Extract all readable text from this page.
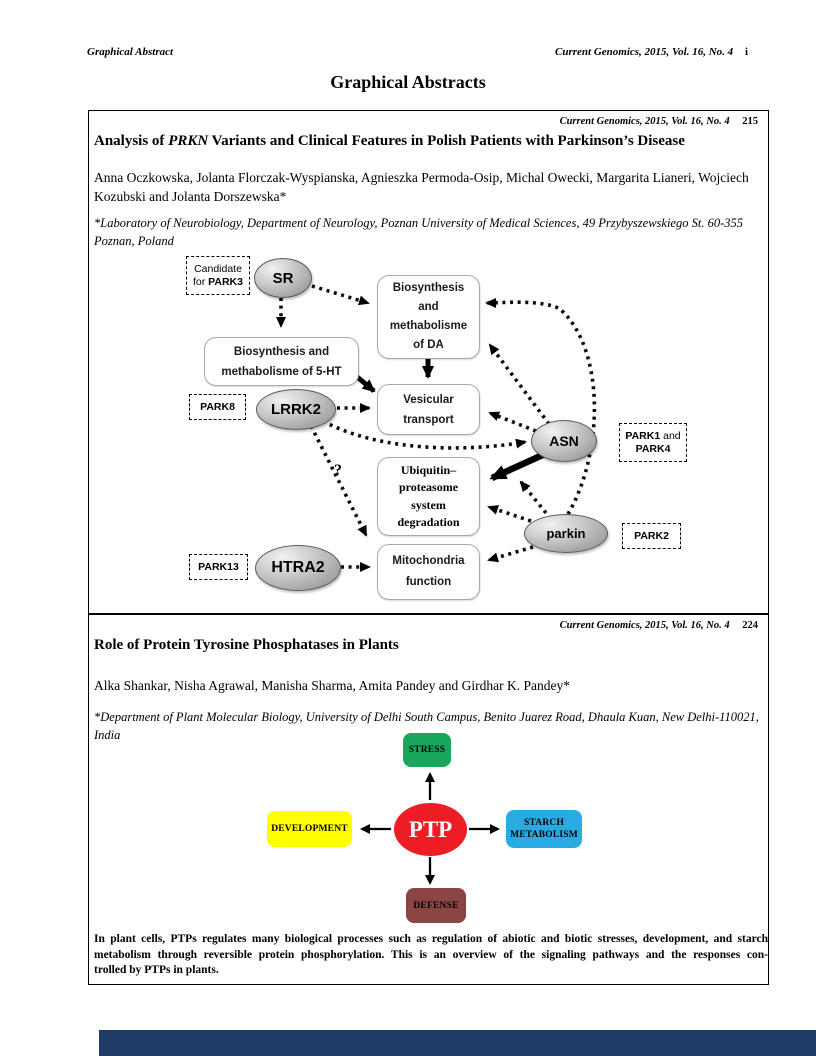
Graphical Abstract	Current Genomics, 2015, Vol. 16, No. 4 i
Graphical Abstracts
Current Genomics, 2015, Vol. 16, No. 4 215
Analysis of PRKN Variants and Clinical Features in Polish Patients with Parkinson’s Disease
Anna Oczkowska, Jolanta Florczak-Wyspianska, Agnieszka Permoda-Osip, Michal Owecki, Margarita Lianeri, Wojciech Kozubski and Jolanta Dorszewska*
*Laboratory of Neurobiology, Department of Neurology, Poznan University of Medical Sciences, 49 Przybyszewskiego St. 60-355 Poznan, Poland
Candidate
for PARK3
PARK8
PARK13
PARK1 and
PARK4
PARK2
SR
LRRK2
HTRA2
ASN
parkin
Biosynthesis
and
methabolisme
of DA
Biosynthesis and
methabolisme of 5-HT
Vesicular
transport
Ubiquitin–
proteasome
system
degradation
Mitochondria
function
?
Current Genomics, 2015, Vol. 16, No. 4 224
Role of Protein Tyrosine Phosphatases in Plants
Alka Shankar, Nisha Agrawal, Manisha Sharma, Amita Pandey and Girdhar K. Pandey*
*Department of Plant Molecular Biology, University of Delhi South Campus, Benito Juarez Road, Dhaula Kuan, New Delhi-110021, India
STRESS
DEVELOPMENT
STARCH
METABOLISM
DEFENSE
PTP
In plant cells, PTPs regulates many biological processes such as regulation of abiotic and biotic stresses, development, and starch
metabolism through reversible protein phosphorylation. This is an overview of the signaling pathways and the responses con-
trolled by PTPs in plants.
